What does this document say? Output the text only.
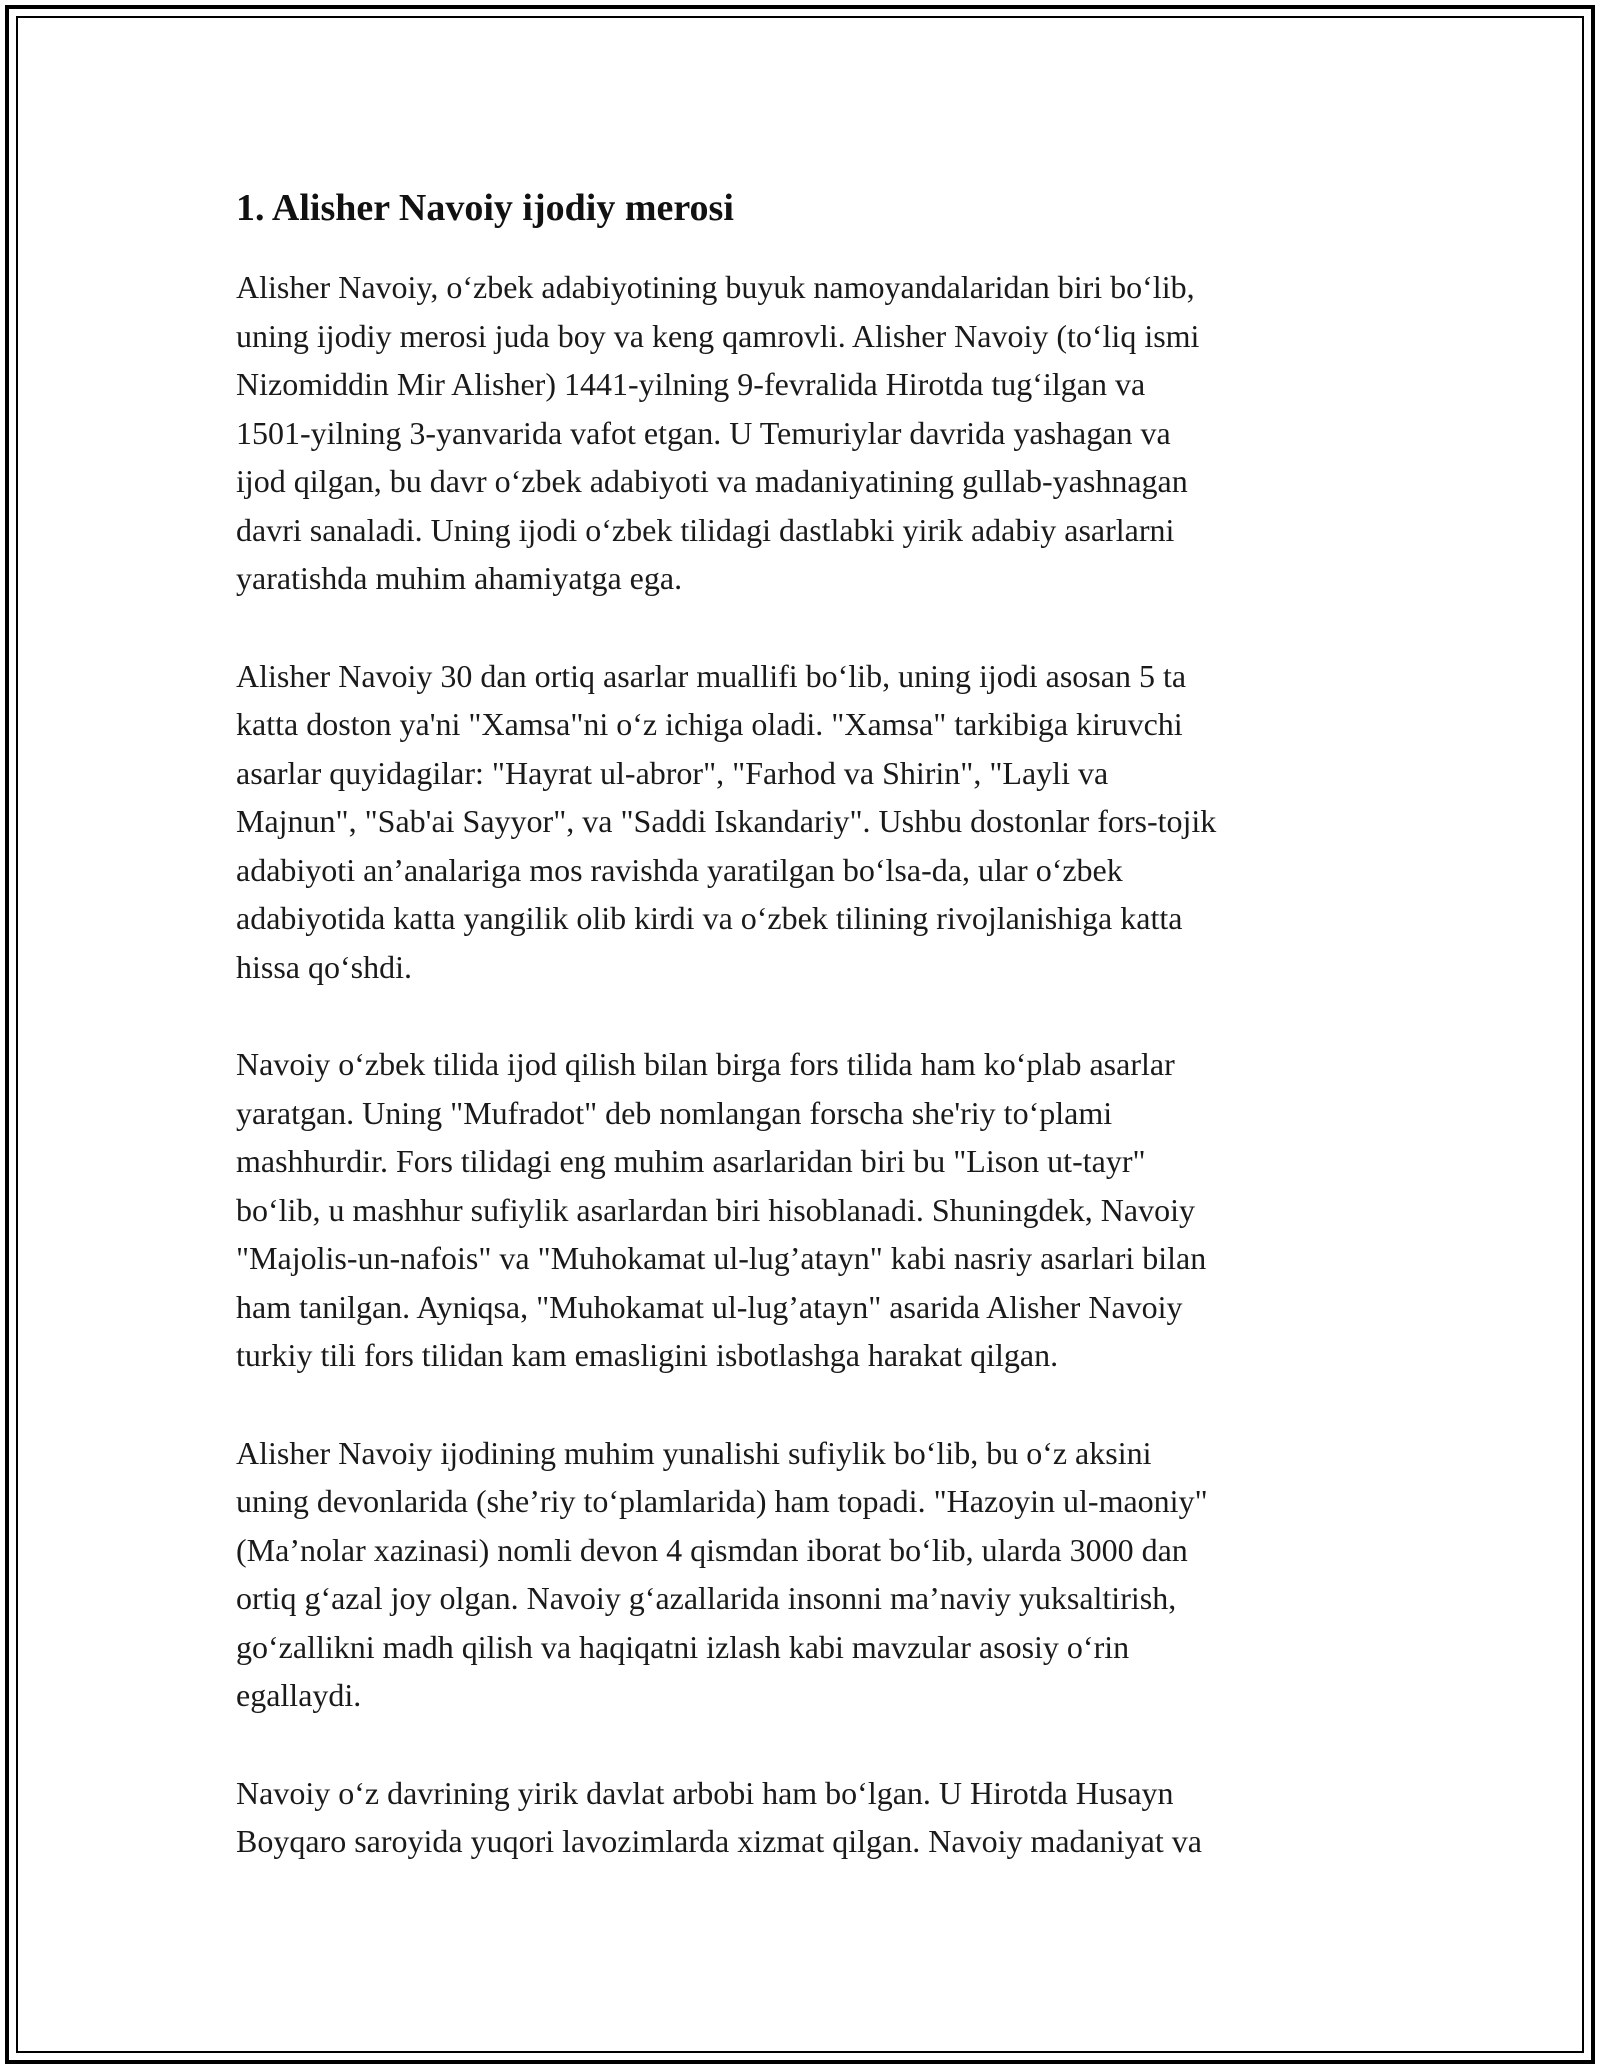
1. Alisher Navoiy ijodiy merosi

Alisher Navoiy, o‘zbek adabiyotining buyuk namoyandalaridan biri bo‘lib,
uning ijodiy merosi juda boy va keng qamrovli. Alisher Navoiy (to‘liq ismi
Nizomiddin Mir Alisher) 1441-yilning 9-fevralida Hirotda tug‘ilgan va
1501-yilning 3-yanvarida vafot etgan. U Temuriylar davrida yashagan va
ijod qilgan, bu davr o‘zbek adabiyoti va madaniyatining gullab-yashnagan
davri sanaladi. Uning ijodi o‘zbek tilidagi dastlabki yirik adabiy asarlarni
yaratishda muhim ahamiyatga ega.

Alisher Navoiy 30 dan ortiq asarlar muallifi bo‘lib, uning ijodi asosan 5 ta
katta doston ya'ni "Xamsa"ni o‘z ichiga oladi. "Xamsa" tarkibiga kiruvchi
asarlar quyidagilar: "Hayrat ul-abror", "Farhod va Shirin", "Layli va
Majnun", "Sab'ai Sayyor", va "Saddi Iskandariy". Ushbu dostonlar fors-tojik
adabiyoti an’analariga mos ravishda yaratilgan bo‘lsa-da, ular o‘zbek
adabiyotida katta yangilik olib kirdi va o‘zbek tilining rivojlanishiga katta
hissa qo‘shdi.

Navoiy o‘zbek tilida ijod qilish bilan birga fors tilida ham ko‘plab asarlar
yaratgan. Uning "Mufradot" deb nomlangan forscha she'riy to‘plami
mashhurdir. Fors tilidagi eng muhim asarlaridan biri bu "Lison ut-tayr"
bo‘lib, u mashhur sufiylik asarlardan biri hisoblanadi. Shuningdek, Navoiy
"Majolis-un-nafois" va "Muhokamat ul-lug’atayn" kabi nasriy asarlari bilan
ham tanilgan. Ayniqsa, "Muhokamat ul-lug’atayn" asarida Alisher Navoiy
turkiy tili fors tilidan kam emasligini isbotlashga harakat qilgan.

Alisher Navoiy ijodining muhim yunalishi sufiylik bo‘lib, bu o‘z aksini
uning devonlarida (she’riy to‘plamlarida) ham topadi. "Hazoyin ul-maoniy"
(Ma’nolar xazinasi) nomli devon 4 qismdan iborat bo‘lib, ularda 3000 dan
ortiq g‘azal joy olgan. Navoiy g‘azallarida insonni ma’naviy yuksaltirish,
go‘zallikni madh qilish va haqiqatni izlash kabi mavzular asosiy o‘rin
egallaydi.

Navoiy o‘z davrining yirik davlat arbobi ham bo‘lgan. U Hirotda Husayn
Boyqaro saroyida yuqori lavozimlarda xizmat qilgan. Navoiy madaniyat va
